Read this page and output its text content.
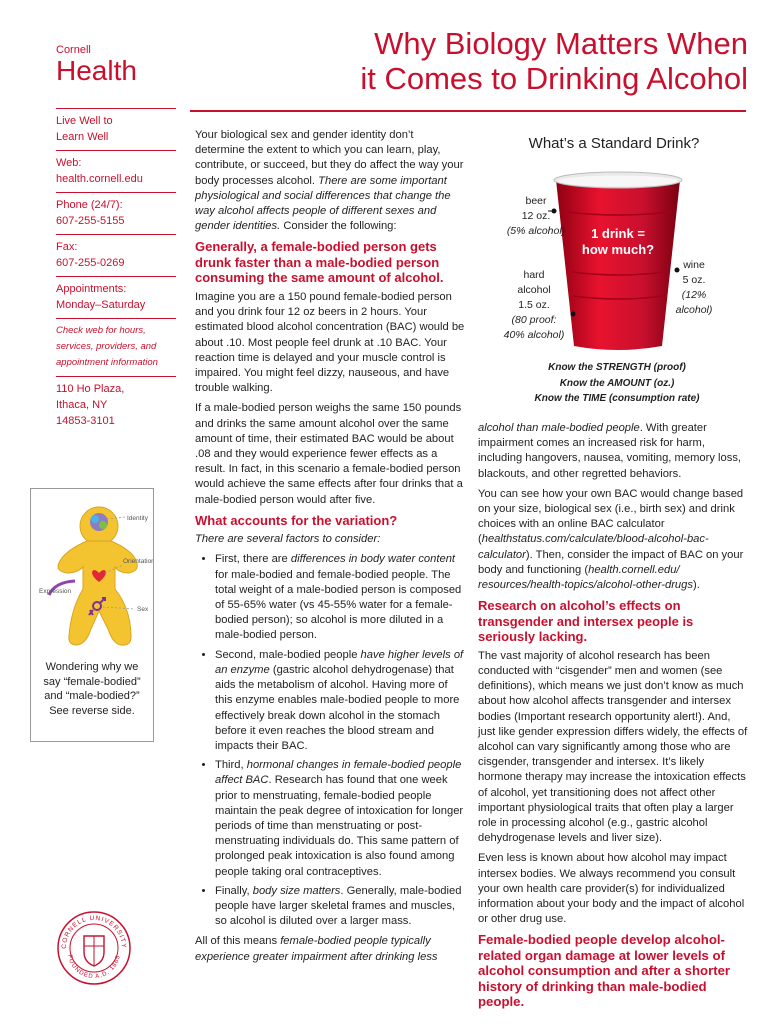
Cornell
Health
Live Well to
Learn Well
Web:
health.cornell.edu
Phone (24/7):
607-255-5155
Fax:
607-255-0269
Appointments:
Monday–Saturday
Check web for hours, services, providers, and appointment information
110 Ho Plaza,
Ithaca, NY
14853-3101
Why Biology Matters When
it Comes to Drinking Alcohol
Identity
Orientation
Expression
Sex
Wondering why we
say “female-bodied”
and “male-bodied?”
See reverse side.
CORNELL UNIVERSITY
FOUNDED A.D. 1865

Your biological sex and gender identity don’t determine the extent to which you can learn, play, contribute, or succeed, but they do affect the way your body processes alcohol. There are some important physiological and social differences that change the way alcohol affects people of different sexes and gender identities. Consider the following:

Generally, a female-bodied person gets drunk faster than a male-bodied person consuming the same amount of alcohol.

Imagine you are a 150 pound female-bodied person and you drink four 12 oz beers in 2 hours. Your estimated blood alcohol concentration (BAC) would be about .10. Most people feel drunk at .10 BAC. Your reaction time is delayed and your muscle control is impaired. You might feel dizzy, nauseous, and have trouble walking.

If a male-bodied person weighs the same 150 pounds and drinks the same amount alcohol over the same amount of time, their estimated BAC would be about .08 and they would experience fewer effects as a result. In fact, in this scenario a female-bodied person would achieve the same effects after four drinks that a male-bodied person would after five.

What accounts for the variation?

There are several factors to consider:

• First, there are differences in body water content for male-bodied and female-bodied people. The total weight of a male-bodied person is composed of 55-65% water (vs 45-55% water for a female-bodied person); so alcohol is more diluted in a male-bodied person.
• Second, male-bodied people have higher levels of an enzyme (gastric alcohol dehydrogenase) that aids the metabolism of alcohol. Having more of this enzyme enables male-bodied people to more effectively break down alcohol in the stomach before it even reaches the blood stream and impacts their BAC.
• Third, hormonal changes in female-bodied people affect BAC. Research has found that one week prior to menstruating, female-bodied people maintain the peak degree of intoxication for longer periods of time than menstruating or post-menstruating individuals do. This same pattern of prolonged peak intoxication is also found among people taking oral contraceptives.
• Finally, body size matters. Generally, male-bodied people have larger skeletal frames and muscles, so alcohol is diluted over a larger mass.

All of this means female-bodied people typically experience greater impairment after drinking less

What’s a Standard Drink?
1 drink =
how much?
beer
12 oz.
(5% alcohol)
wine
5 oz.
(12%
alcohol)
hard
alcohol
1.5 oz.
(80 proof:
40% alcohol)
Know the STRENGTH (proof)
Know the AMOUNT (oz.)
Know the TIME (consumption rate)

alcohol than male-bodied people. With greater impairment comes an increased risk for harm, including hangovers, nausea, vomiting, memory loss, blackouts, and other regretted behaviors.

You can see how your own BAC would change based on your size, biological sex (i.e., birth sex) and drink choices with an online BAC calculator (healthstatus.com/calculate/blood-alcohol-bac-calculator). Then, consider the impact of BAC on your body and functioning (health.cornell.edu/ resources/health-topics/alcohol-other-drugs).

Research on alcohol’s effects on transgender and intersex people is seriously lacking.

The vast majority of alcohol research has been conducted with “cisgender” men and women (see definitions), which means we just don’t know as much about how alcohol affects transgender and intersex bodies (Important research opportunity alert!). And, just like gender expression differs widely, the effects of alcohol can vary significantly among those who are cisgender, transgender and intersex. It’s likely hormone therapy may increase the intoxication effects of alcohol, yet transitioning does not affect other important physiological traits that often play a larger role in processing alcohol (e.g., gastric alcohol dehydrogenase levels and liver size).

Even less is known about how alcohol may impact intersex bodies. We always recommend you consult your own health care provider(s) for individualized information about your body and the impact of alcohol or other drug use.

Female-bodied people develop alcohol-related organ damage at lower levels of alcohol consumption and after a shorter history of drinking than male-bodied people.
